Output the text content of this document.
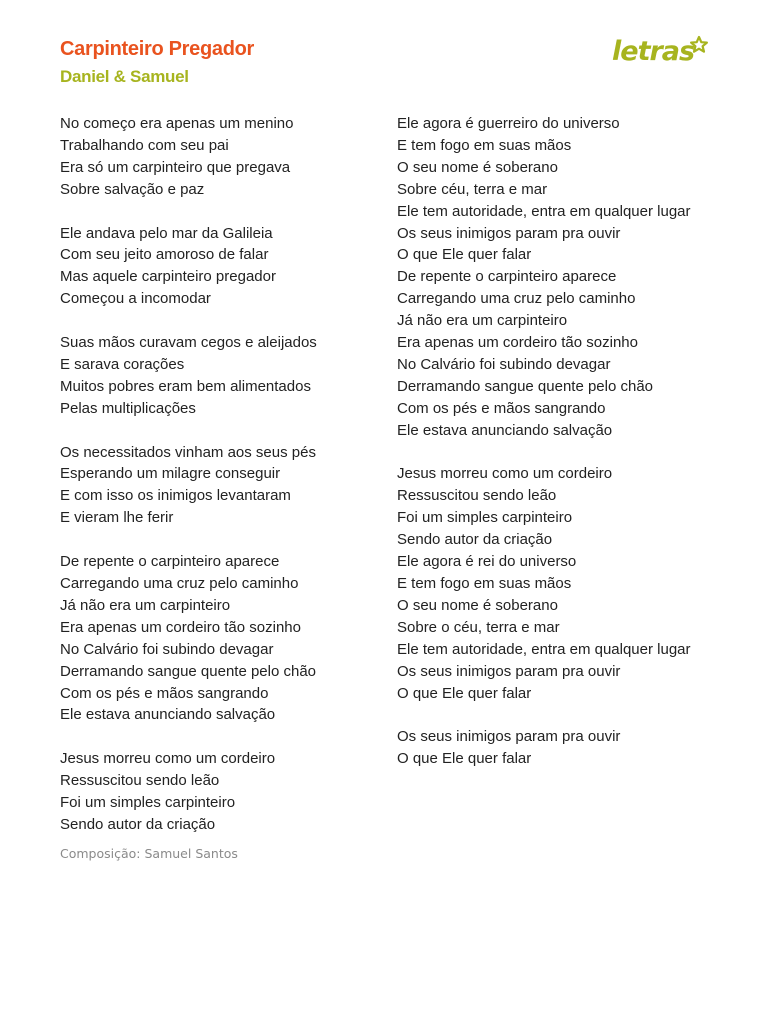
Carpinteiro Pregador
Daniel & Samuel
letras
No começo era apenas um menino
Trabalhando com seu pai
Era só um carpinteiro que pregava
Sobre salvação e paz
Ele andava pelo mar da Galileia
Com seu jeito amoroso de falar
Mas aquele carpinteiro pregador
Começou a incomodar
Suas mãos curavam cegos e aleijados
E sarava corações
Muitos pobres eram bem alimentados
Pelas multiplicações
Os necessitados vinham aos seus pés
Esperando um milagre conseguir
E com isso os inimigos levantaram
E vieram lhe ferir
De repente o carpinteiro aparece
Carregando uma cruz pelo caminho
Já não era um carpinteiro
Era apenas um cordeiro tão sozinho
No Calvário foi subindo devagar
Derramando sangue quente pelo chão
Com os pés e mãos sangrando
Ele estava anunciando salvação
Jesus morreu como um cordeiro
Ressuscitou sendo leão
Foi um simples carpinteiro
Sendo autor da criação
Ele agora é guerreiro do universo
E tem fogo em suas mãos
O seu nome é soberano
Sobre céu, terra e mar
Ele tem autoridade, entra em qualquer lugar
Os seus inimigos param pra ouvir
O que Ele quer falar
De repente o carpinteiro aparece
Carregando uma cruz pelo caminho
Já não era um carpinteiro
Era apenas um cordeiro tão sozinho
No Calvário foi subindo devagar
Derramando sangue quente pelo chão
Com os pés e mãos sangrando
Ele estava anunciando salvação
Jesus morreu como um cordeiro
Ressuscitou sendo leão
Foi um simples carpinteiro
Sendo autor da criação
Ele agora é rei do universo
E tem fogo em suas mãos
O seu nome é soberano
Sobre o céu, terra e mar
Ele tem autoridade, entra em qualquer lugar
Os seus inimigos param pra ouvir
O que Ele quer falar
Os seus inimigos param pra ouvir
O que Ele quer falar
Composição: Samuel Santos
